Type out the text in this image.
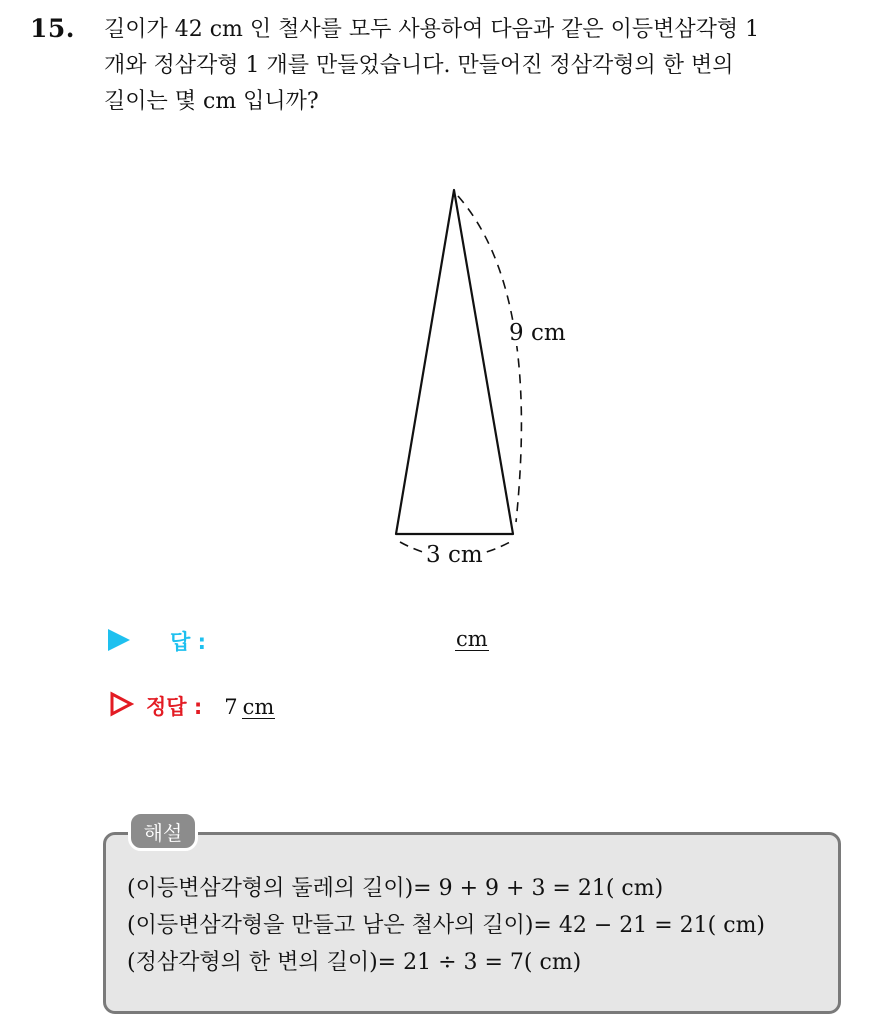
15. 길이가 42 cm 인 철사를 모두 사용하여 다음과 같은 이등변삼각형 1
개와 정삼각형 1 개를 만들었습니다. 만들어진 정삼각형의 한 변의
길이는 몇 cm 입니까?

9 cm
3 cm
답 :	cm
정답 : 7 cm
해설
(이등변삼각형의 둘레의 길이)= 9 + 9 + 3 = 21( cm)
(이등변삼각형을 만들고 남은 철사의 길이)= 42 − 21 = 21( cm)
(정삼각형의 한 변의 길이)= 21 ÷ 3 = 7( cm)
